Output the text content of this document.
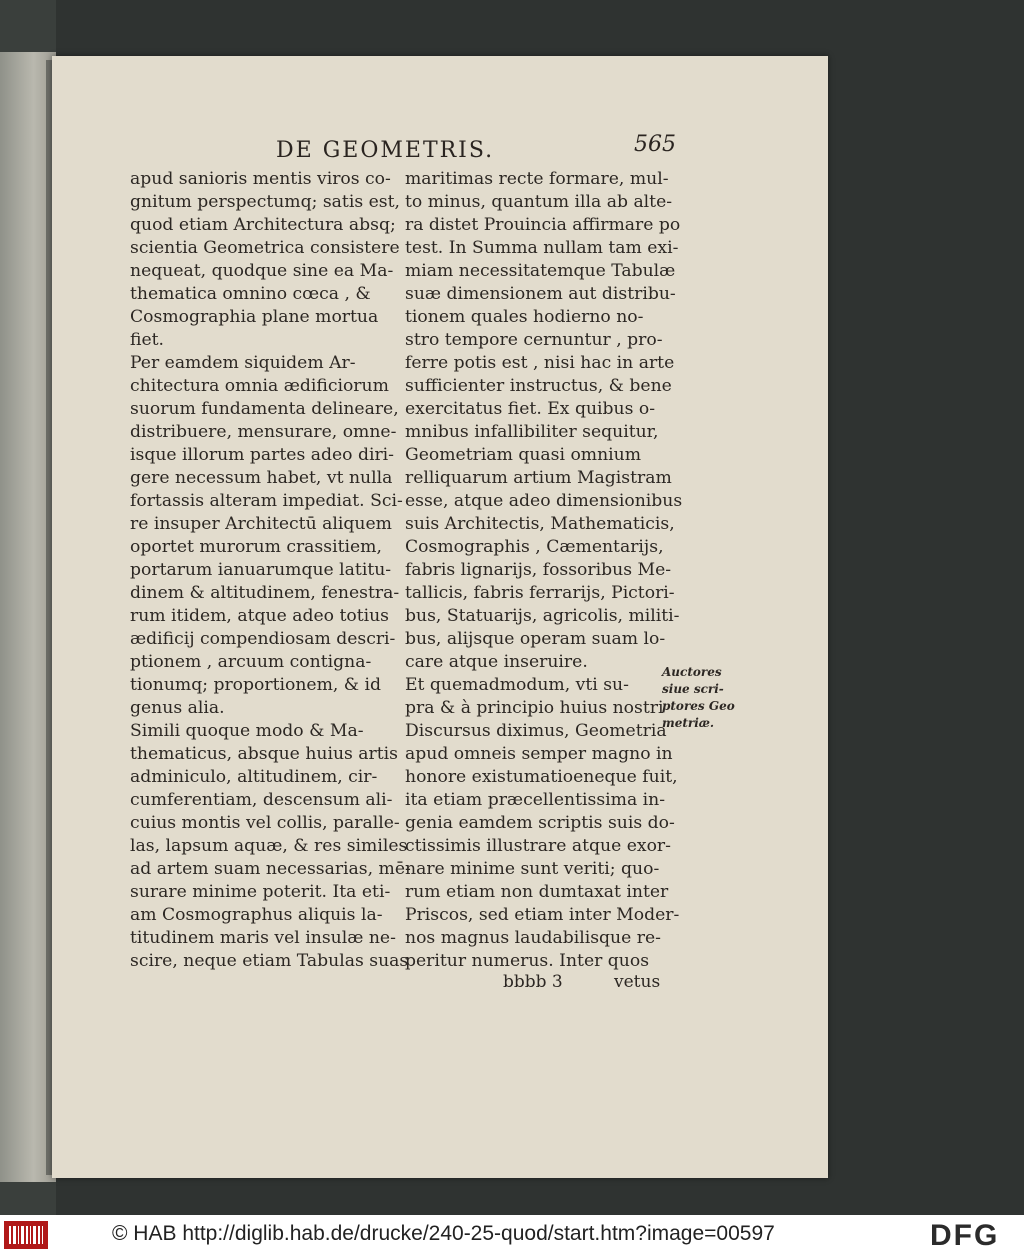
DE GEOMETRIS.	565
apud sanioris mentis viros co-
gnitum perspectumq; satis est,
quod etiam Architectura absq;
scientia Geometrica consistere
nequeat, quodque sine ea Ma-
thematica omnino cœca , &
Cosmographia plane mortua
fiet.
Per eamdem siquidem Ar-
chitectura omnia ædificiorum
suorum fundamenta delineare,
distribuere, mensurare, omne-
isque illorum partes adeo diri-
gere necessum habet, vt nulla
fortassis alteram impediat. Sci-
re insuper Architectū aliquem
oportet murorum crassitiem,
portarum ianuarumque latitu-
dinem & altitudinem, fenestra-
rum itidem, atque adeo totius
ædificij compendiosam descri-
ptionem , arcuum contigna-
tionumq; proportionem, & id
genus alia.
Simili quoque modo & Ma-
thematicus, absque huius artis
adminiculo, altitudinem, cir-
cumferentiam, descensum ali-
cuius montis vel collis, paralle-
las, lapsum aquæ, & res similes
ad artem suam necessarias, mē-
surare minime poterit. Ita eti-
am Cosmographus aliquis la-
titudinem maris vel insulæ ne-
scire, neque etiam Tabulas suas
maritimas recte formare, mul-
to minus, quantum illa ab alte-
ra distet Prouincia affirmare po
test. In Summa nullam tam exi-
miam necessitatemque Tabulæ
suæ dimensionem aut distribu-
tionem quales hodierno no-
stro tempore cernuntur , pro-
ferre potis est , nisi hac in arte
sufficienter instructus, & bene
exercitatus fiet. Ex quibus o-
mnibus infallibiliter sequitur,
Geometriam quasi omnium
relliquarum artium Magistram
esse, atque adeo dimensionibus
suis Architectis, Mathematicis,
Cosmographis , Cæmentarijs,
fabris lignarijs, fossoribus Me-
tallicis, fabris ferrarijs, Pictori-
bus, Statuarijs, agricolis, militi-
bus, alijsque operam suam lo-
care atque inseruire.
Et quemadmodum, vti su-
pra & à principio huius nostri
Discursus diximus, Geometria
apud omneis semper magno in
honore existumatioeneque fuit,
ita etiam præcellentissima in-
genia eamdem scriptis suis do-
ctissimis illustrare atque exor-
nare minime sunt veriti; quo-
rum etiam non dumtaxat inter
Priscos, sed etiam inter Moder-
nos magnus laudabilisque re-
peritur numerus. Inter quos
Auctores
siue scri-
ptores Geo
metriæ.
bbbb 3	vetus
© HAB http://diglib.hab.de/drucke/240-25-quod/start.htm?image=00597	DFG
